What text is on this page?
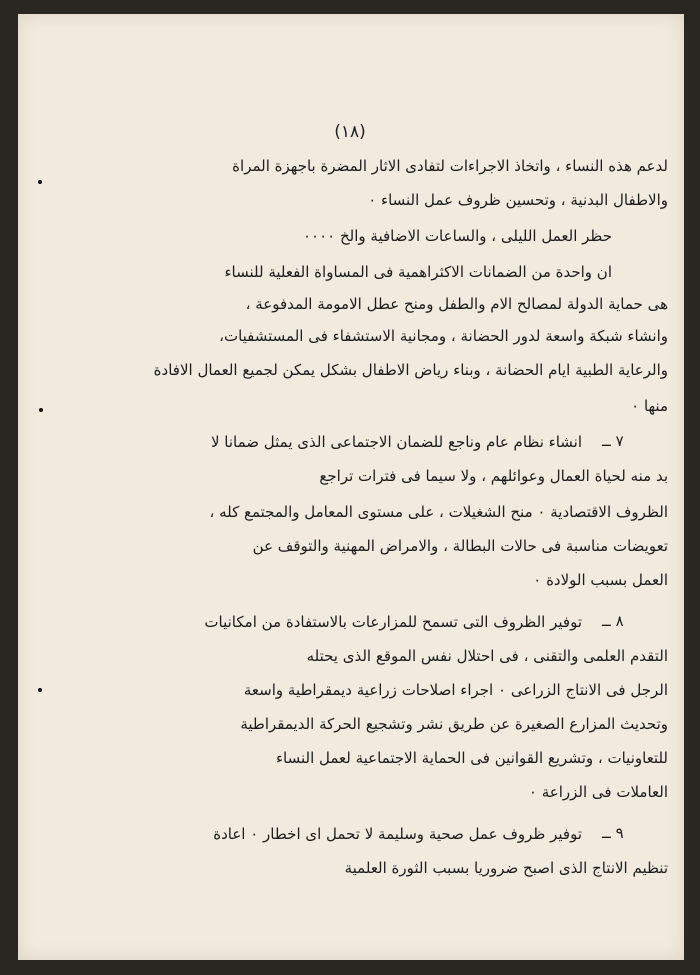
(١٨)
لدعم هذه النساء ، واتخاذ الاجراءات لتفادى الاثار المضرة باجهزة المراة
والاطفال البدنية ، وتحسين ظروف عمل النساء ٠
حظر العمل الليلى ، والساعات الاضافية والخ ٠٠٠٠
ان واحدة من الضمانات الاكثراهمية فى المساواة الفعلية للنساء
هى حماية الدولة لمصالح الام والطفل ومنح عطل الامومة المدفوعة ،
وانشاء شبكة واسعة لدور الحضانة ، ومجانية الاستشفاء فى المستشفيات،
والرعاية الطبية ايام الحضانة ، وبناء رياض الاطفال بشكل يمكن لجميع العمال الافادة
منها ٠
٧ ــ
انشاء نظام عام وناجع للضمان الاجتماعى الذى يمثل ضمانا لا
بد منه لحياة العمال وعوائلهم ، ولا سيما فى فترات تراجع
الظروف الاقتصادية ٠ منح الشغيلات ، على مستوى المعامل والمجتمع كله ،
تعويضات مناسبة فى حالات البطالة ، والامراض المهنية والتوقف عن
العمل بسبب الولادة ٠
٨ ــ
توفير الظروف التى تسمح للمزارعات بالاستفادة من امكانيات
التقدم العلمى والتقنى ، فى احتلال نفس الموقع الذى يحتله
الرجل فى الانتاج الزراعى ٠ اجراء اصلاحات زراعية ديمقراطية واسعة
وتحديث المزارع الصغيرة عن طريق نشر وتشجيع الحركة الديمقراطية
للتعاونيات ، وتشريع القوانين فى الحماية الاجتماعية لعمل النساء
العاملات فى الزراعة ٠
٩ ــ
توفير ظروف عمل صحية وسليمة لا تحمل اى اخطار ٠ اعادة
تنظيم الانتاج الذى اصبح ضروريا بسبب الثورة العلمية
